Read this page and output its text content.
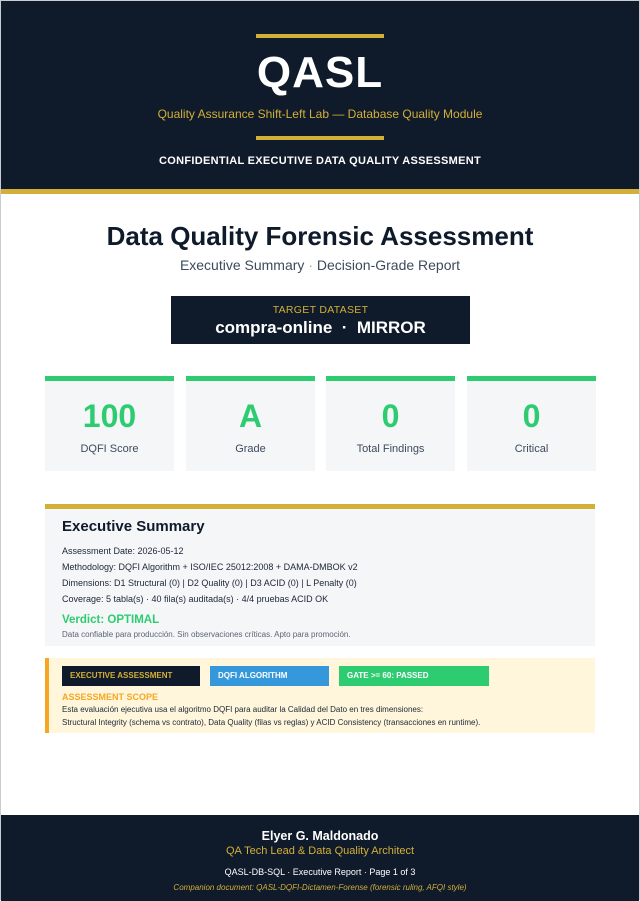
QASL
Quality Assurance Shift-Left Lab — Database Quality Module
CONFIDENTIAL EXECUTIVE DATA QUALITY ASSESSMENT
Data Quality Forensic Assessment
Executive Summary · Decision-Grade Report
TARGET DATASET
compra-online  ·  MIRROR
100
DQFI Score
A
Grade
0
Total Findings
0
Critical
Executive Summary
Assessment Date: 2026-05-12
Methodology: DQFI Algorithm + ISO/IEC 25012:2008 + DAMA-DMBOK v2
Dimensions: D1 Structural (0) | D2 Quality (0) | D3 ACID (0) | L Penalty (0)
Coverage: 5 tabla(s) · 40 fila(s) auditada(s) · 4/4 pruebas ACID OK
Verdict: OPTIMAL
Data confiable para producción. Sin observaciones críticas. Apto para promoción.
EXECUTIVE ASSESSMENT	DQFI ALGORITHM	GATE >= 60: PASSED
ASSESSMENT SCOPE
Esta evaluación ejecutiva usa el algoritmo DQFI para auditar la Calidad del Dato en tres dimensiones:
Structural Integrity (schema vs contrato), Data Quality (filas vs reglas) y ACID Consistency (transacciones en runtime).
Elyer G. Maldonado
QA Tech Lead & Data Quality Architect
QASL-DB-SQL · Executive Report · Page 1 of 3
Companion document: QASL-DQFI-Dictamen-Forense (forensic ruling, AFQI style)
